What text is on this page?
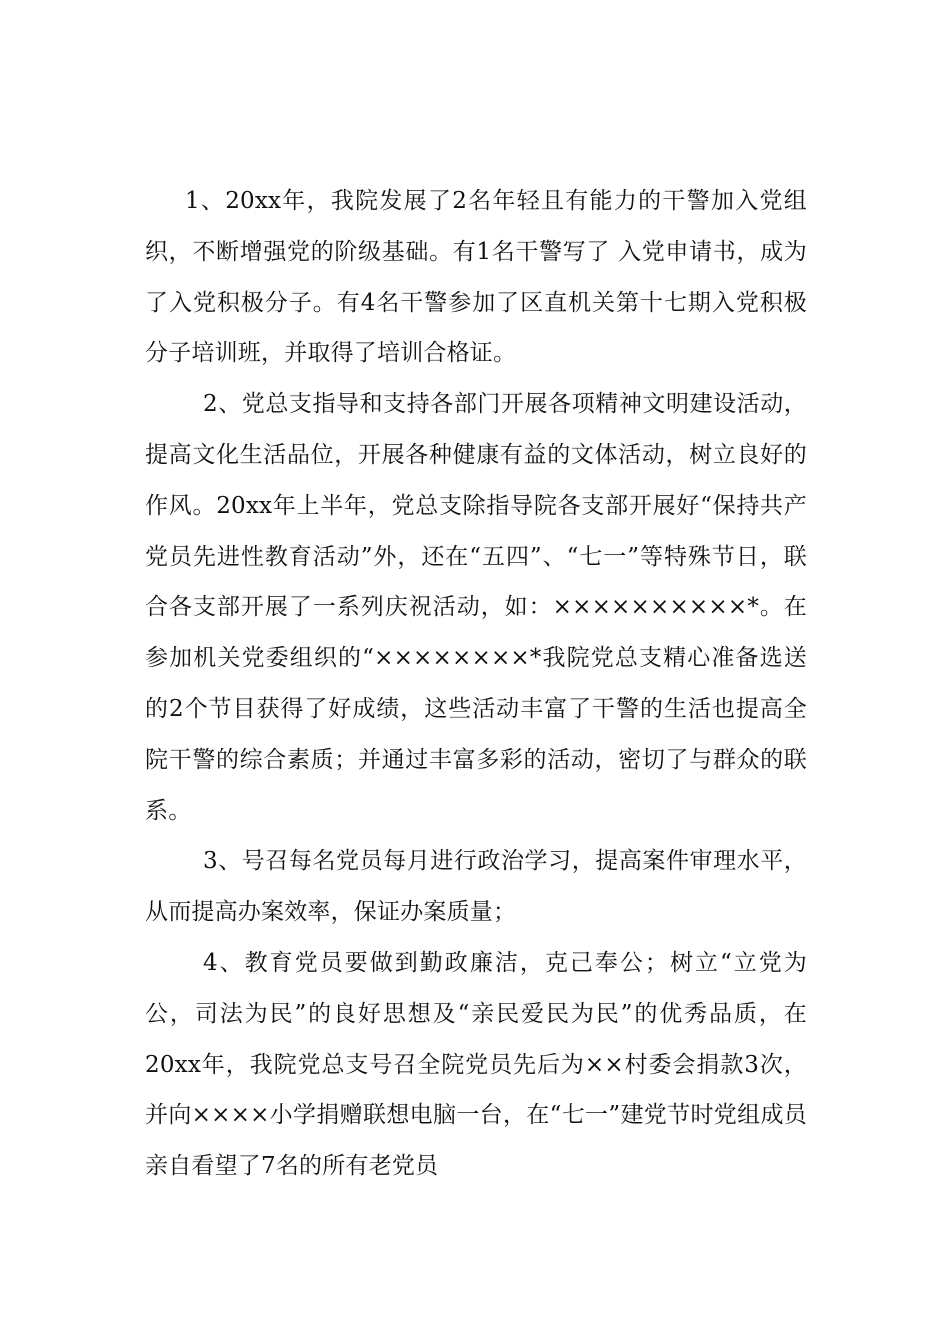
1、20xx年，我院发展了2名年轻且有能力的干警加入党组织，不断增强党的阶级基础。有1名干警写了 入党申请书，成为了入党积极分子。有4名干警参加了区直机关第十七期入党积极分子培训班，并取得了培训合格证。

2、党总支指导和支持各部门开展各项精神文明建设活动，提高文化生活品位，开展各种健康有益的文体活动，树立良好的作风。20xx年上半年，党总支除指导院各支部开展好“保持共产党员先进性教育活动”外，还在“五四”、“七一”等特殊节日，联合各支部开展了一系列庆祝活动，如：××××××××××*。在参加机关党委组织的“××××××××*我院党总支精心准备选送的2个节目获得了好成绩，这些活动丰富了干警的生活也提高全院干警的综合素质；并通过丰富多彩的活动，密切了与群众的联系。

3、号召每名党员每月进行政治学习，提高案件审理水平，从而提高办案效率，保证办案质量；

4、教育党员要做到勤政廉洁，克己奉公；树立“立党为公，司法为民”的良好思想及“亲民爱民为民”的优秀品质，在20xx年，我院党总支号召全院党员先后为××村委会捐款3次，并向××××小学捐赠联想电脑一台，在“七一”建党节时党组成员亲自看望了7名的所有老党员
